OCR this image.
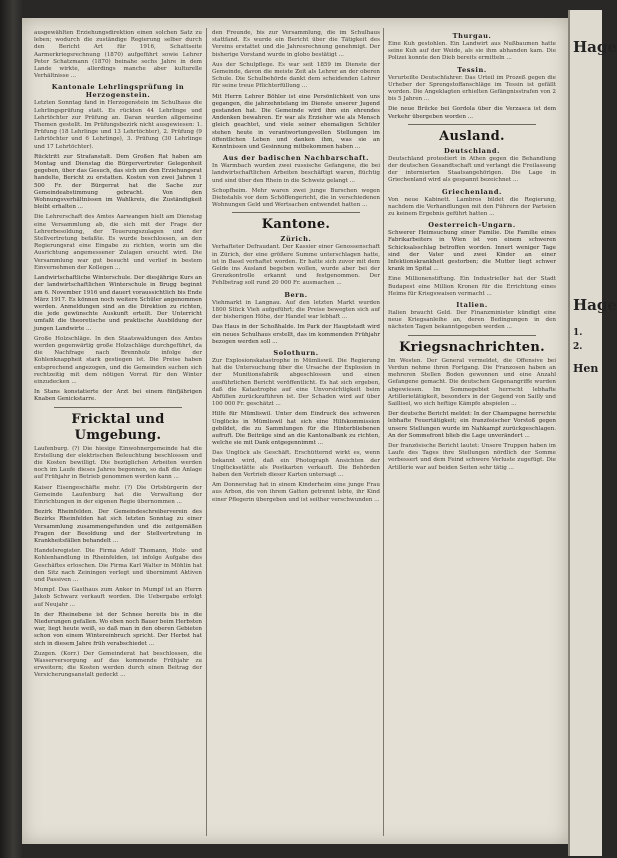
ausgewählten Erziehungsdirektion einen solchen Satz zu leben; wodurch die zuständige Regierung selber durch den Bericht Art für 1916, Schattseite Aarmerkriegsrechnung (1870) aufgeführt sowie Lehrer Peter Schatzmann (1870) beinahe sechs Jahre in dem Lande wirkte, allerdings manche aber kulturelle Verhältnisse ...

Kantonale Lehrlingsprüfung in Herzogenstein.

Letzten Sonntag fand in Herzogenstein im Schulhaus die Lehrlingsprüfung statt. Es rückten 44 Lehrlinge und Lehrtöchter zur Prüfung an. Daran wurden allgemeine Themen gestellt. Im Prüfungsbezirk nicht ausgewiesen: 1. Prüfung (18 Lehrlinge und 13 Lehrtöchter), 2. Prüfung (9 Lehrtöchter und 6 Lehrlinge), 3. Prüfung (30 Lehrlinge und 17 Lehrtöchter).

Rücktritt zur Strafanstalt. Dem Großen Rat haben am Montag und Dienstag die Bürgervertreter Gelegenheit gegeben, über das Gesuch, das sich um den Erziehungsrat handelte, Bericht zu erstatten. Kosten von zwei Jahren 1 500 Fr. der Bürgerrat hat die Sache zur Gemeindeabstimmung gebracht. Von den Wohnungsverhältnissen im Wahlkreis, die Zuständigkeit bleibt erhalten ...

Die Lehrerschaft des Amtes Aarwangen hielt am Dienstag eine Versammlung ab, die sich mit der Frage der Lehrerbesoldung, der Teuerungszulagen und der Stellvertretung befaßte. Es wurde beschlossen, an den Regierungsrat eine Eingabe zu richten, worin um die Ausrichtung angemessener Zulagen ersucht wird. Die Versammlung war gut besucht und verlief in bestem Einvernehmen der Kollegen ...

Landwirtschaftliche Winterschule. Der diesjährige Kurs an der landwirtschaftlichen Winterschule in Brugg beginnt am 6. November 1916 und dauert voraussichtlich bis Ende März 1917. Es können noch weitere Schüler angenommen werden. Anmeldungen sind an die Direktion zu richten, die jede gewünschte Auskunft erteilt. Der Unterricht umfaßt die theoretische und praktische Ausbildung der jungen Landwirte ...

Große Holzschläge. In den Staatswaldungen des Amtes werden gegenwärtig große Holzschläge durchgeführt, da die Nachfrage nach Brennholz infolge der Kohlenknappheit stark gestiegen ist. Die Preise haben entsprechend angezogen, und die Gemeinden suchen sich rechtzeitig mit dem nötigen Vorrat für den Winter einzudecken ...

In Stans konstatierte der Arzt bei einem fünfjährigen Knaben Genickstarre.

Fricktal und Umgebung.

Laufenburg. (?) Die hiesige Einwohnergemeinde hat die Erstellung der elektrischen Beleuchtung beschlossen und die Kosten bewilligt. Die bezüglichen Arbeiten werden noch im Laufe dieses Jahres begonnen, so daß die Anlage auf Frühjahr in Betrieb genommen werden kann ...

Kaiser Eisengeschäfte mehr. (?) Die Ortsbürgerin der Gemeinde Laufenburg hat die Verwaltung der Einrichtungen in der eigenen Regie übernommen ...

Bezirk Rheinfelden. Der Gemeindeschreiberverein des Bezirks Rheinfelden hat sich letzten Sonntag zu einer Versammlung zusammengefunden und die zeitgemäßen Fragen der Besoldung und der Stellvertretung in Krankheitsfällen behandelt ...

Handelsregister. Die Firma Adolf Thomann, Holz- und Kohlenhandlung in Rheinfelden, ist infolge Aufgabe des Geschäftes erloschen. Die Firma Karl Walter in Möhlin hat den Sitz nach Zeiningen verlegt und übernimmt Aktiven und Passiven ...

Mumpf. Das Gasthaus zum Anker in Mumpf ist an Herrn Jakob Schwarz verkauft worden. Die Uebergabe erfolgt auf Neujahr ...

In der Rheinebene ist der Schnee bereits bis in die Niederungen gefallen. Wo eben noch Bauer beim Herbsten war, liegt heute weiß, so daß man in den oberen Gebieten schon von einem Wintereinbruch spricht. Der Herbst hat sich in diesem Jahre früh verabschiedet ...

Zuzgen. (Korr.) Der Gemeinderat hat beschlossen, die Wasserversorgung auf das kommende Frühjahr zu erweitern; die Kosten werden durch einen Beitrag der Versicherungsanstalt gedeckt ...

den Freunde, bis zur Versammlung, die im Schulhaus stattfand. Es wurde ein Bericht über die Tätigkeit des Vereins erstattet und die Jahresrechnung genehmigt. Der bisherige Vorstand wurde in globo bestätigt ...

Aus der Schulpflege. Es war seit 1859 im Dienste der Gemeinde, davon die meiste Zeit als Lehrer an der oberen Schule. Die Schulbehörde dankt dem scheidenden Lehrer für seine treue Pflichterfüllung ...

Mit Herrn Lehrer Böhler ist eine Persönlichkeit von uns gegangen, die jahrzehntelang im Dienste unserer Jugend gestanden hat. Die Gemeinde wird ihm ein ehrendes Andenken bewahren. Er war als Erzieher wie als Mensch gleich geachtet, und viele seiner ehemaligen Schüler stehen heute in verantwortungsvollen Stellungen im öffentlichen Leben und danken ihm, was sie an Kenntnissen und Gesinnung mitbekommen haben ...

Aus der badischen Nachbarschaft.

In Warmbach wurden zwei russische Gefangene, die bei landwirtschaftlichen Arbeiten beschäftigt waren, flüchtig und sind über den Rhein in die Schweiz gelangt ...

Schopfheim. Mehr waren zwei junge Burschen wegen Diebstahls vor dem Schöffengericht, die in verschiedenen Wohnungen Geld und Wertsachen entwendet hatten ...

Kantone.
Zürich.

Verhafteter Defraudant. Der Kassier einer Genossenschaft in Zürich, der eine größere Summe unterschlagen hatte, ist in Basel verhaftet worden. Er hatte sich zuvor mit dem Gelde ins Ausland begeben wollen, wurde aber bei der Grenzkontrolle erkannt und festgenommen. Der Fehlbetrag soll rund 20 000 Fr. ausmachen ...

Bern.

Viehmarkt in Langnau. Auf den letzten Markt wurden 1800 Stück Vieh aufgeführt; die Preise bewegten sich auf der bisherigen Höhe, der Handel war lebhaft ...

Das Haus in der Schoßhalde. Im Park der Hauptstadt wird ein neues Schulhaus erstellt, das im kommenden Frühjahr bezogen werden soll ...

Solothurn.

Zur Explosionskatastrophe in Mümliswil. Die Regierung hat die Untersuchung über die Ursache der Explosion in der Munitionsfabrik abgeschlossen und einen ausführlichen Bericht veröffentlicht. Es hat sich ergeben, daß die Katastrophe auf eine Unvorsichtigkeit beim Abfüllen zurückzuführen ist. Der Schaden wird auf über 100 000 Fr. geschätzt ...

Hilfe für Mümliswil. Unter dem Eindruck des schweren Unglücks in Mümliswil hat sich eine Hilfskommission gebildet, die zu Sammlungen für die Hinterbliebenen aufruft. Die Beiträge sind an die Kantonalbank zu richten, welche sie mit Dank entgegennimmt ...

Das Unglück als Geschäft. Erschütternd wirkt es, wenn bekannt wird, daß ein Photograph Ansichten der Unglücksstätte als Postkarten verkauft. Die Behörden haben den Vertrieb dieser Karten untersagt ...

Am Donnerstag hat in einem Kinderheim eine junge Frau aus Arbon, die von ihrem Gatten getrennt lebte, ihr Kind einer Pflegerin übergeben und ist seither verschwunden ...

Thurgau.

Eine Kuh gestohlen. Ein Landwirt aus Nußbaumen hatte seine Kuh auf der Weide, als sie ihm abhanden kam. Die Polizei konnte den Dieb bereits ermitteln ...

Tessin.

Verurteilte Deutschfahrer. Das Urteil im Prozeß gegen die Urheber der Sprengstoffanschläge im Tessin ist gefällt worden. Die Angeklagten erhielten Gefängnisstrafen von 2 bis 5 Jahren ...

Die neue Brücke bei Gordola über die Verzasca ist dem Verkehr übergeben worden ...

Ausland.
Deutschland.

Deutschland protestiert in Athen gegen die Behandlung der deutschen Gesandtschaft und verlangt die Freilassung der internierten Staatsangehörigen. Die Lage in Griechenland wird als gespannt bezeichnet ...

Griechenland.

Von neue Kabinett. Lambros bildet die Regierung, nachdem die Verhandlungen mit den Führern der Parteien zu keinem Ergebnis geführt hatten ...

Oesterreich-Ungarn.

Schwerer Heimsuchung einer Familie. Die Familie eines Fabrikarbeiters in Wien ist von einem schweren Schicksalsschlag betroffen worden. Innert weniger Tage sind der Vater und zwei Kinder an einer Infektionskrankheit gestorben; die Mutter liegt schwer krank im Spital ...

Eine Millionenstiftung. Ein Industrieller hat der Stadt Budapest eine Million Kronen für die Errichtung eines Heims für Kriegswaisen vermacht ...

Italien.

Italien braucht Geld. Der Finanzminister kündigt eine neue Kriegsanleihe an, deren Bedingungen in den nächsten Tagen bekanntgegeben werden ...

Kriegsnachrichten.

Im Westen. Der General vermeldet, die Offensive bei Verdun nehme ihren Fortgang. Die Franzosen haben an mehreren Stellen Boden gewonnen und eine Anzahl Gefangene gemacht. Die deutschen Gegenangriffe wurden abgewiesen. Im Sommegebiet herrscht lebhafte Artillerietätigkeit, besonders in der Gegend von Sailly und Saillisel, wo sich heftige Kämpfe abspielen ...

Der deutsche Bericht meldet: In der Champagne herrschte lebhafte Feuertätigkeit; ein französischer Vorstoß gegen unsere Stellungen wurde im Nahkampf zurückgeschlagen. An der Sommefront blieb die Lage unverändert ...

Der französische Bericht lautet: Unsere Truppen haben im Laufe des Tages ihre Stellungen nördlich der Somme verbessert und dem Feind schwere Verluste zugefügt. Die Artillerie war auf beiden Seiten sehr tätig ...

Hage
Hage
1.
2.
Hen
